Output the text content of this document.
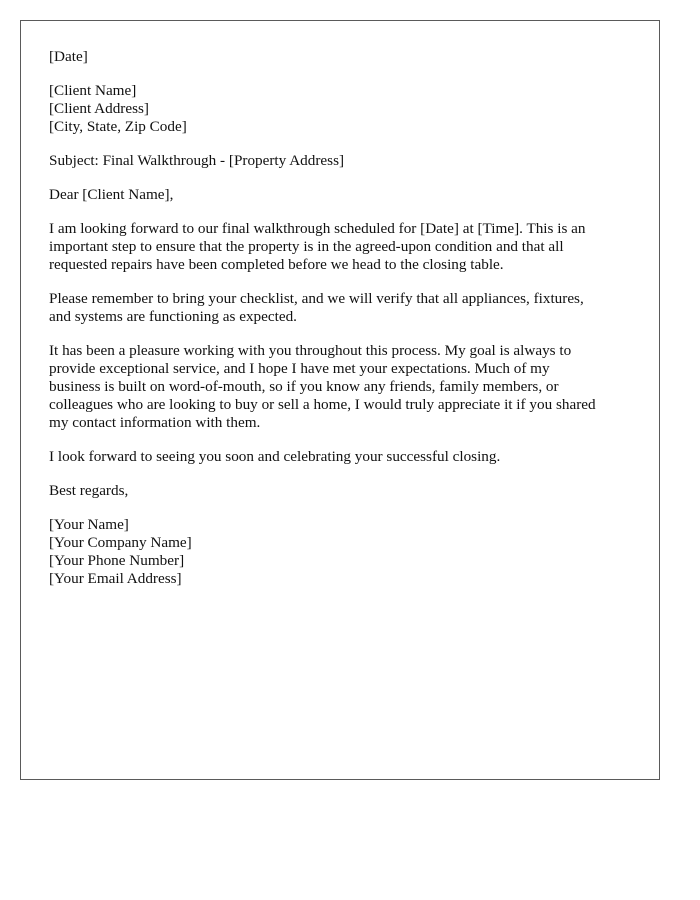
[Date]

[Client Name]
[Client Address]
[City, State, Zip Code]

Subject: Final Walkthrough - [Property Address]

Dear [Client Name],

I am looking forward to our final walkthrough scheduled for [Date] at [Time]. This is an
important step to ensure that the property is in the agreed-upon condition and that all
requested repairs have been completed before we head to the closing table.

Please remember to bring your checklist, and we will verify that all appliances, fixtures,
and systems are functioning as expected.

It has been a pleasure working with you throughout this process. My goal is always to
provide exceptional service, and I hope I have met your expectations. Much of my
business is built on word-of-mouth, so if you know any friends, family members, or
colleagues who are looking to buy or sell a home, I would truly appreciate it if you shared
my contact information with them.

I look forward to seeing you soon and celebrating your successful closing.

Best regards,

[Your Name]
[Your Company Name]
[Your Phone Number]
[Your Email Address]
